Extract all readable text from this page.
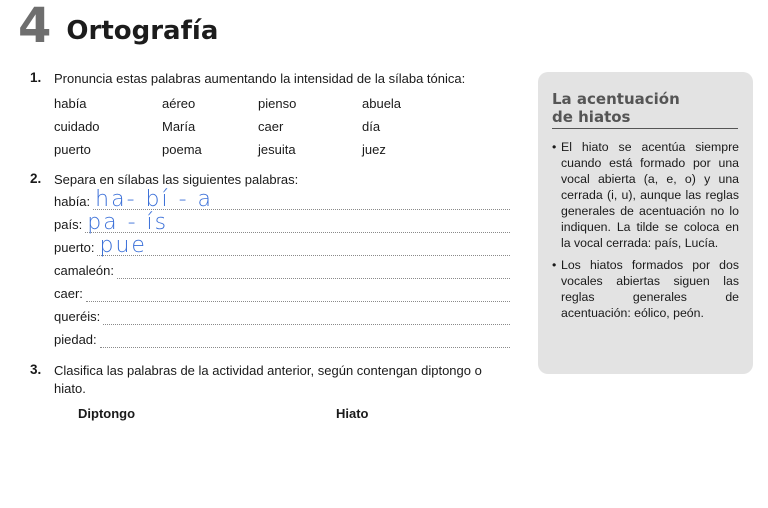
4 Ortografía
1. Pronuncia estas palabras aumentando la intensidad de la sílaba tónica:
había	aéreo	pienso	abuela
cuidado	María	caer	día
puerto	poema	jesuita	juez
2. Separa en sílabas las siguientes palabras:
había: ha- bí - a
país: pa - ís
puerto: pue
camaleón:
caer:
queréis:
piedad:
3. Clasifica las palabras de la actividad anterior, según contengan diptongo o hiato.
Diptongo	Hiato
La acentuación
de hiatos
• El hiato se acentúa siempre cuando está formado por una vocal abierta (a, e, o) y una cerrada (i, u), aunque las reglas generales de acentuación no lo indiquen. La tilde se coloca en la vocal cerrada: país, Lucía.
• Los hiatos formados por dos vocales abiertas siguen las reglas generales de acentuación: eólico, peón.
